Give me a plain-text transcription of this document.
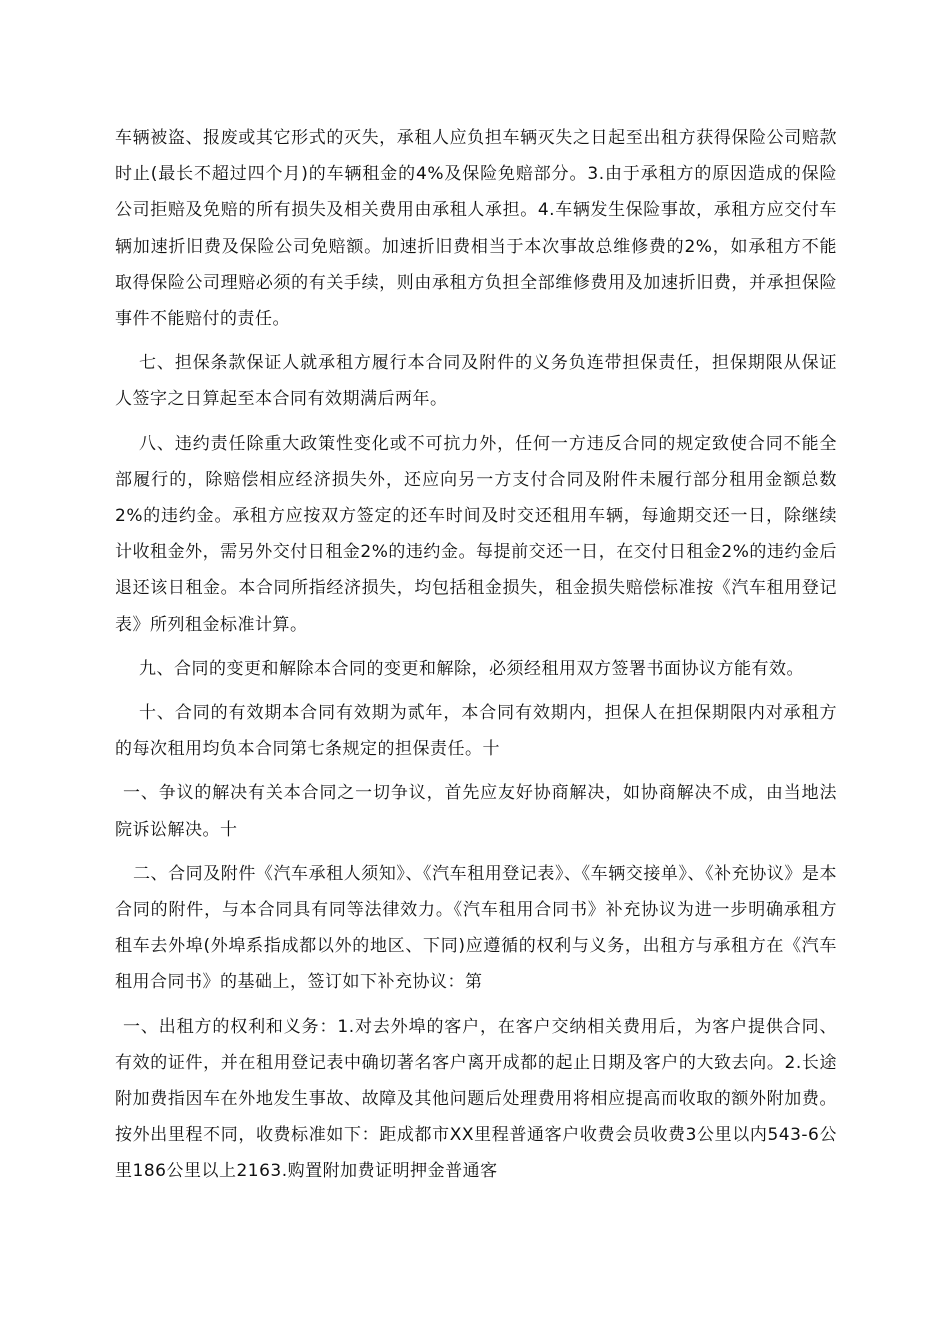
车辆被盗、报废或其它形式的灭失，承租人应负担车辆灭失之日起至出租方获得保险公司赔款时止(最长不超过四个月)的车辆租金的4%及保险免赔部分。3.由于承租方的原因造成的保险公司拒赔及免赔的所有损失及相关费用由承租人承担。4.车辆发生保险事故，承租方应交付车辆加速折旧费及保险公司免赔额。加速折旧费相当于本次事故总维修费的2%，如承租方不能取得保险公司理赔必须的有关手续，则由承租方负担全部维修费用及加速折旧费，并承担保险事件不能赔付的责任。

七、担保条款保证人就承租方履行本合同及附件的义务负连带担保责任，担保期限从保证人签字之日算起至本合同有效期满后两年。

八、违约责任除重大政策性变化或不可抗力外，任何一方违反合同的规定致使合同不能全部履行的，除赔偿相应经济损失外，还应向另一方支付合同及附件未履行部分租用金额总数2%的违约金。承租方应按双方签定的还车时间及时交还租用车辆，每逾期交还一日，除继续计收租金外，需另外交付日租金2%的违约金。每提前交还一日，在交付日租金2%的违约金后退还该日租金。本合同所指经济损失，均包括租金损失，租金损失赔偿标准按《汽车租用登记表》所列租金标准计算。

九、合同的变更和解除本合同的变更和解除，必须经租用双方签署书面协议方能有效。

十、合同的有效期本合同有效期为贰年，本合同有效期内，担保人在担保期限内对承租方的每次租用均负本合同第七条规定的担保责任。十

一、争议的解决有关本合同之一切争议，首先应友好协商解决，如协商解决不成，由当地法院诉讼解决。十

二、合同及附件《汽车承租人须知》、《汽车租用登记表》、《车辆交接单》、《补充协议》是本合同的附件，与本合同具有同等法律效力。《汽车租用合同书》补充协议为进一步明确承租方租车去外埠(外埠系指成都以外的地区、下同)应遵循的权利与义务，出租方与承租方在《汽车租用合同书》的基础上，签订如下补充协议：第

一、出租方的权利和义务：1.对去外埠的客户，在客户交纳相关费用后，为客户提供合同、有效的证件，并在租用登记表中确切著名客户离开成都的起止日期及客户的大致去向。2.长途附加费指因车在外地发生事故、故障及其他问题后处理费用将相应提高而收取的额外附加费。按外出里程不同，收费标准如下：距成都市XX里程普通客户收费会员收费3公里以内543-6公里186公里以上2163.购置附加费证明押金普通客
